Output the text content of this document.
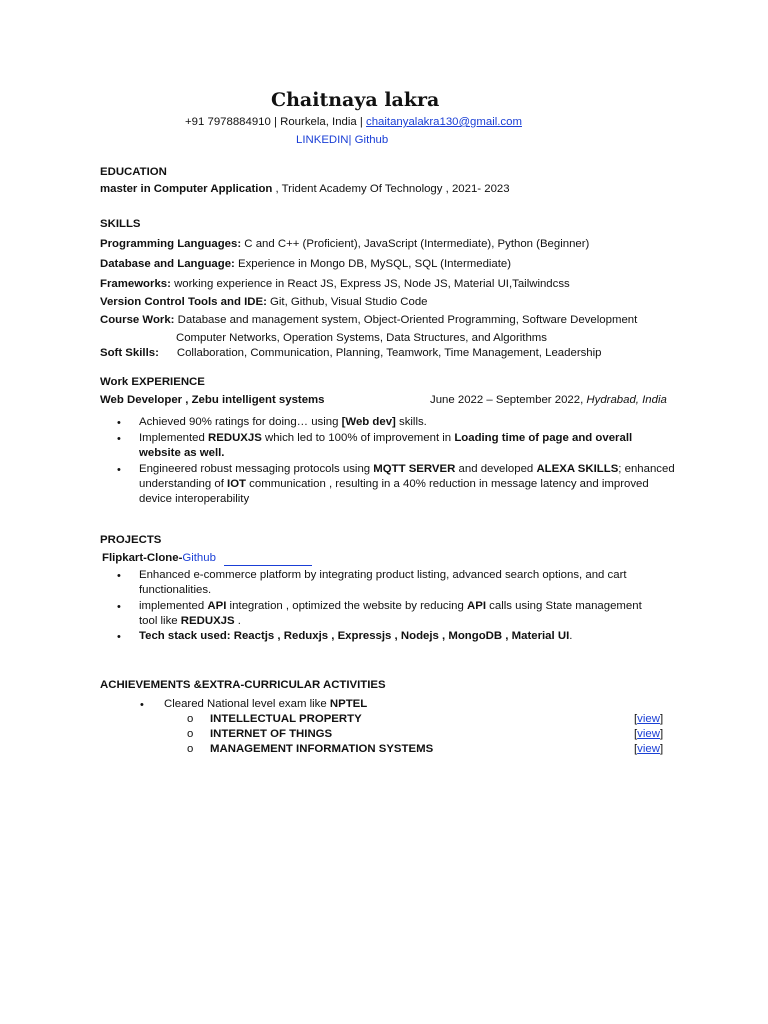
Chaitnaya lakra
+91 7978884910 | Rourkela, India | chaitanyalakra130@gmail.com
LINKEDIN| Github
EDUCATION
master in Computer Application , Trident Academy Of Technology , 2021- 2023
SKILLS
Programming Languages: C and C++ (Proficient), JavaScript (Intermediate), Python (Beginner)
Database and Language: Experience in Mongo DB, MySQL, SQL (Intermediate)
Frameworks: working experience in React JS, Express JS, Node JS, Material UI,Tailwindcss
Version Control Tools and IDE: Git, Github, Visual Studio Code
Course Work: Database and management system, Object-Oriented Programming, Software Development
Computer Networks, Operation Systems, Data Structures, and Algorithms
Soft Skills: Collaboration, Communication, Planning, Teamwork, Time Management, Leadership
Work EXPERIENCE
Web Developer , Zebu intelligent systems	June 2022 – September 2022, Hydrabad, India
• Achieved 90% ratings for doing… using [Web dev] skills.
• Implemented REDUXJS which led to 100% of improvement in Loading time of page and overall
website as well.
• Engineered robust messaging protocols using MQTT SERVER and developed ALEXA SKILLS; enhanced
understanding of IOT communication , resulting in a 40% reduction in message latency and improved
device interoperability
PROJECTS
Flipkart-Clone-Github
• Enhanced e-commerce platform by integrating product listing, advanced search options, and cart
functionalities.
• implemented API integration , optimized the website by reducing API calls using State management
tool like REDUXJS .
• Tech stack used: Reactjs , Reduxjs , Expressjs , Nodejs , MongoDB , Material UI.
ACHIEVEMENTS &EXTRA-CURRICULAR ACTIVITIES
• Cleared National level exam like NPTEL
o INTELLECTUAL PROPERTY	[view]
o INTERNET OF THINGS	[view]
o MANAGEMENT INFORMATION SYSTEMS	[view]
